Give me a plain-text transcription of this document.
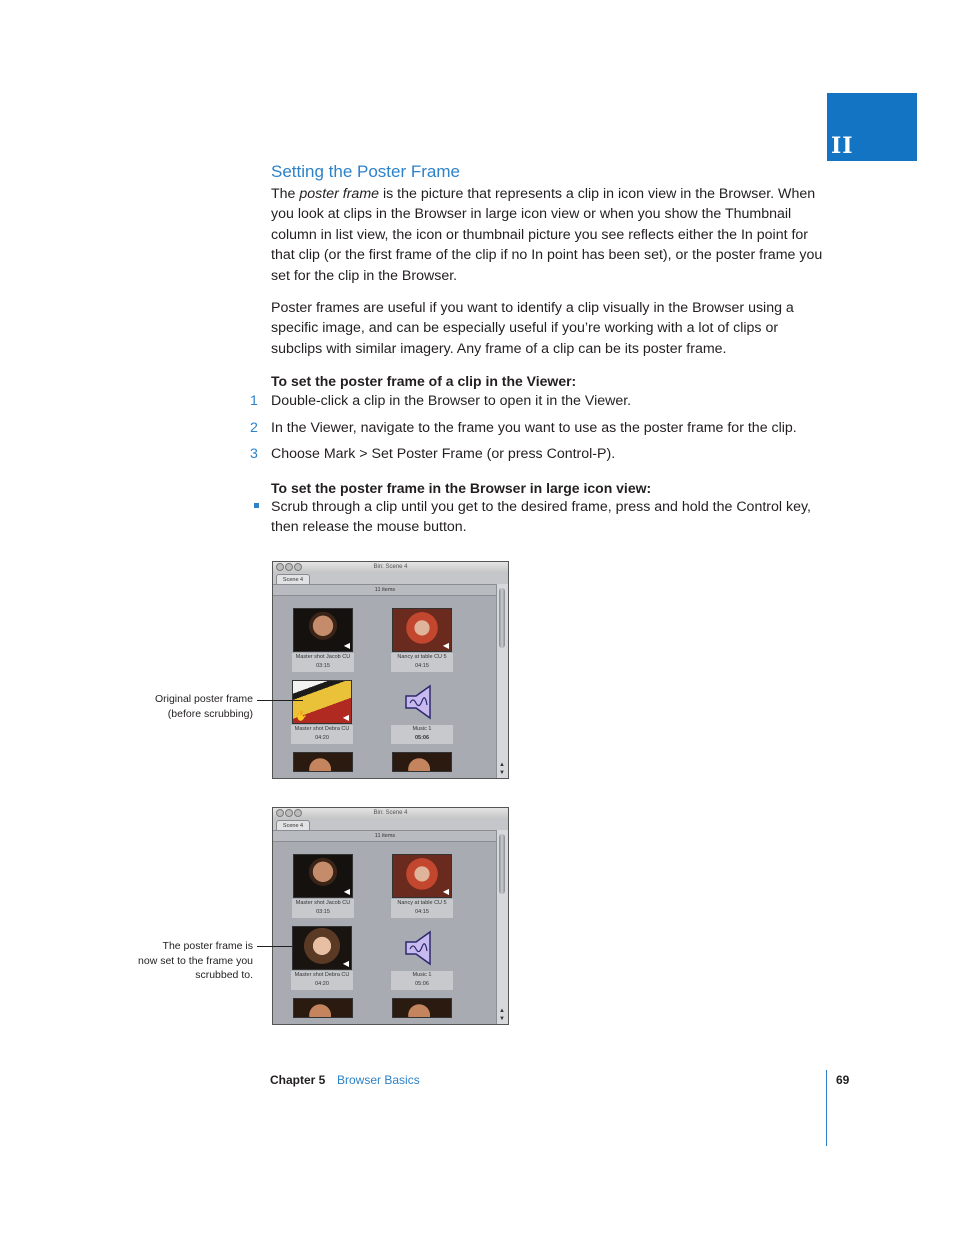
II
Setting the Poster Frame

The poster frame is the picture that represents a clip in icon view in the Browser. When you look at clips in the Browser in large icon view or when you show the Thumbnail column in list view, the icon or thumbnail picture you see reflects either the In point for that clip (or the first frame of the clip if no In point has been set), or the poster frame you set for the clip in the Browser.

Poster frames are useful if you want to identify a clip visually in the Browser using a specific image, and can be especially useful if you’re working with a lot of clips or subclips with similar imagery. Any frame of a clip can be its poster frame.

To set the poster frame of a clip in the Viewer:

1 Double-click a clip in the Browser to open it in the Viewer.
2 In the Viewer, navigate to the frame you want to use as the poster frame for the clip.
3 Choose Mark > Set Poster Frame (or press Control-P).

To set the poster frame in the Browser in large icon view:

Scrub through a clip until you get to the desired frame, press and hold the Control key, then release the mouse button.
Bin: Scene 4
Scene 4
11 items
▲
▼
◀
Master shot Jacob CU
03:15
◀
Nancy at table CU 5
04:15
✋	◀
Master shot Debra CU
04:20
Music 1
05:06
Original poster frame
(before scrubbing)
Bin: Scene 4
Scene 4
11 items
▲
▼
◀
Master shot Jacob CU
03:15
◀
Nancy at table CU 5
04:15
◀
Master shot Debra CU
04:20
Music 1
05:06
The poster frame is
now set to the frame you
scrubbed to.
Chapter 5 Browser Basics	69
